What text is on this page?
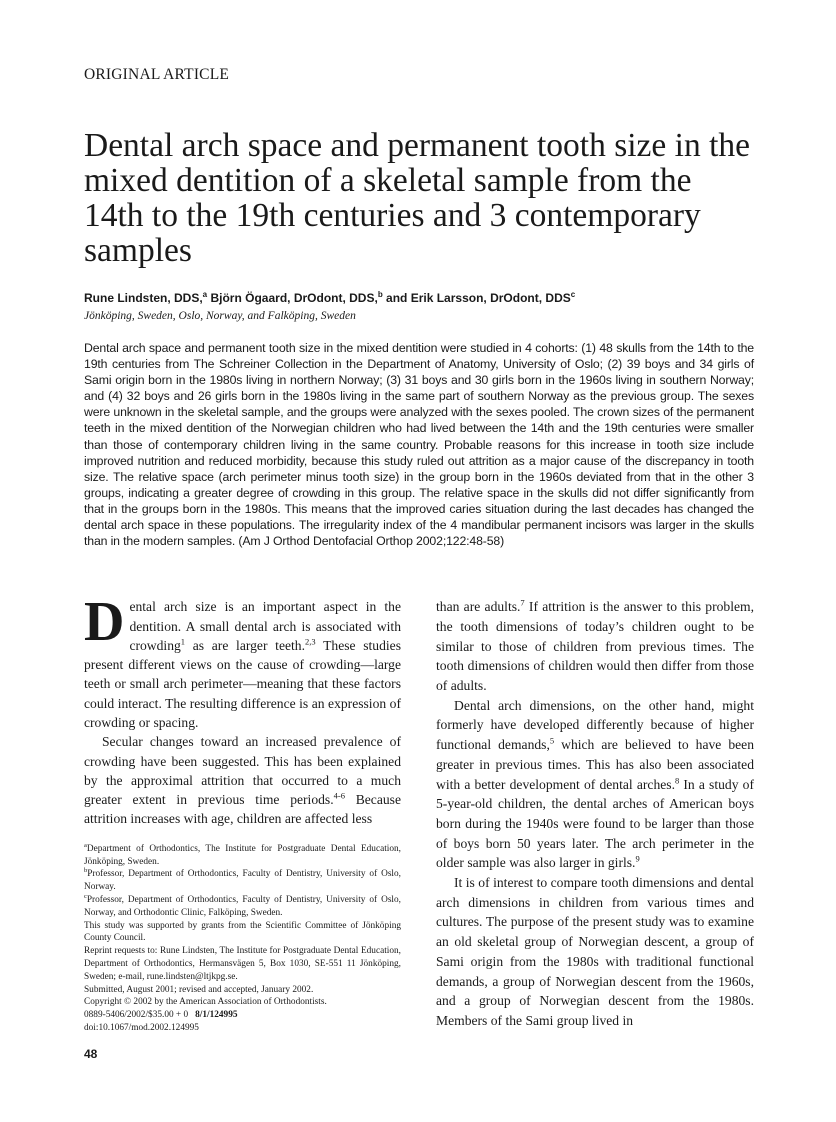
ORIGINAL ARTICLE
Dental arch space and permanent tooth size in the mixed dentition of a skeletal sample from the 14th to the 19th centuries and 3 contemporary samples
Rune Lindsten, DDS,$^a$ Björn Ögaard, DrOdont, DDS,$^b$ and Erik Larsson, DrOdont, DDS$^c$
Jönköping, Sweden, Oslo, Norway, and Falköping, Sweden

Dental arch space and permanent tooth size in the mixed dentition were studied in 4 cohorts: (1) 48 skulls from the 14th to the 19th centuries from The Schreiner Collection in the Department of Anatomy, University of Oslo; (2) 39 boys and 34 girls of Sami origin born in the 1980s living in northern Norway; (3) 31 boys and 30 girls born in the 1960s living in southern Norway; and (4) 32 boys and 26 girls born in the 1980s living in the same part of southern Norway as the previous group. The sexes were unknown in the skeletal sample, and the groups were analyzed with the sexes pooled. The crown sizes of the permanent teeth in the mixed dentition of the Norwegian children who had lived between the 14th and the 19th centuries were smaller than those of contemporary children living in the same country. Probable reasons for this increase in tooth size include improved nutrition and reduced morbidity, because this study ruled out attrition as a major cause of the discrepancy in tooth size. The relative space (arch perimeter minus tooth size) in the group born in the 1960s deviated from that in the other 3 groups, indicating a greater degree of crowding in this group. The relative space in the skulls did not differ significantly from that in the groups born in the 1980s. This means that the improved caries situation during the last decades has changed the dental arch space in these populations. The irregularity index of the 4 mandibular permanent incisors was larger in the skulls than in the modern samples. (Am J Orthod Dentofacial Orthop 2002;122:48-58)

Dental arch size is an important aspect in the dentition. A small dental arch is associated with crowding$^1$ as are larger teeth.$^{2,3}$ These studies present different views on the cause of crowding—large teeth or small arch perimeter—meaning that these factors could interact. The resulting difference is an expression of crowding or spacing.

Secular changes toward an increased prevalence of crowding have been suggested. This has been explained by the approximal attrition that occurred to a much greater extent in previous time periods.$^{4-6}$ Because attrition increases with age, children are affected less

$^a$Department of Orthodontics, The Institute for Postgraduate Dental Education, Jönköping, Sweden.

$^b$Professor, Department of Orthodontics, Faculty of Dentistry, University of Oslo, Norway.

$^c$Professor, Department of Orthodontics, Faculty of Dentistry, University of Oslo, Norway, and Orthodontic Clinic, Falköping, Sweden.

This study was supported by grants from the Scientific Committee of Jönköping County Council.

Reprint requests to: Rune Lindsten, The Institute for Postgraduate Dental Education, Department of Orthodontics, Hermansvägen 5, Box 1030, SE-551 11 Jönköping, Sweden; e-mail, rune.lindsten@ltjkpg.se.

Submitted, August 2001; revised and accepted, January 2002.

Copyright © 2002 by the American Association of Orthodontists.

0889-5406/2002/$35.00 + 0 8/1/124995

doi:10.1067/mod.2002.124995

than are adults.$^7$ If attrition is the answer to this problem, the tooth dimensions of today’s children ought to be similar to those of children from previous times. The tooth dimensions of children would then differ from those of adults.

Dental arch dimensions, on the other hand, might formerly have developed differently because of higher functional demands,$^5$ which are believed to have been greater in previous times. This has also been associated with a better development of dental arches.$^8$ In a study of 5-year-old children, the dental arches of American boys born during the 1940s were found to be larger than those of boys born 50 years later. The arch perimeter in the older sample was also larger in girls.$^9$

It is of interest to compare tooth dimensions and dental arch dimensions in children from various times and cultures. The purpose of the present study was to examine an old skeletal group of Norwegian descent, a group of Sami origin from the 1980s with traditional functional demands, a group of Norwegian descent from the 1960s, and a group of Norwegian descent from the 1980s. Members of the Sami group lived in

48
